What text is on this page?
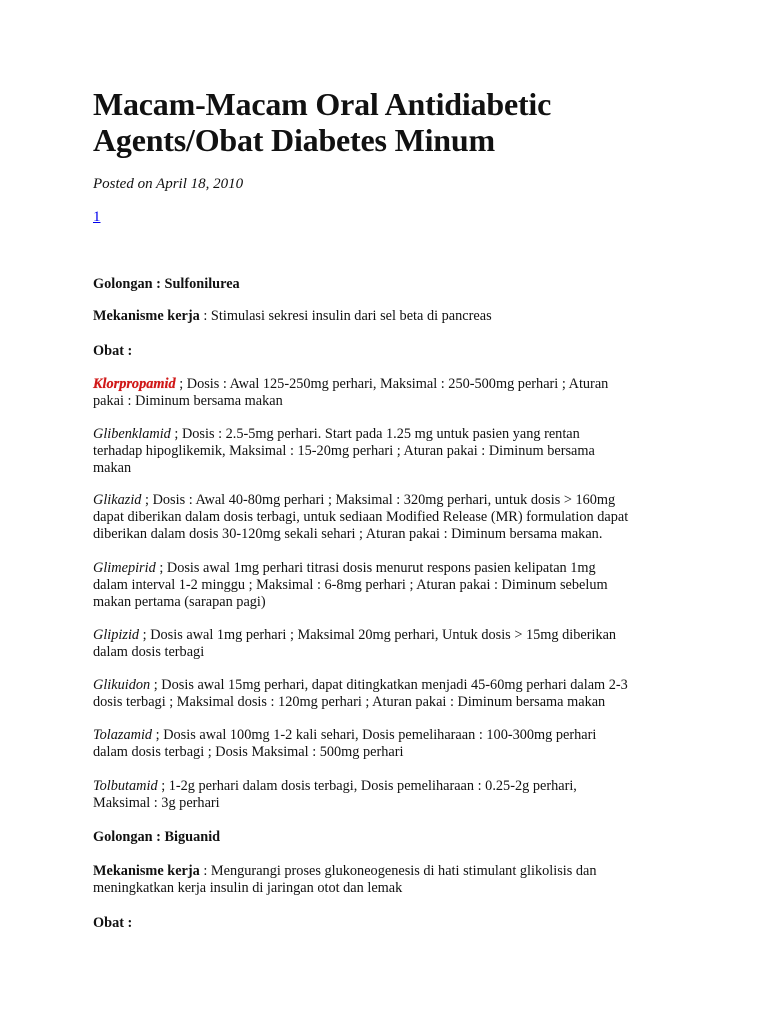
Macam-Macam Oral Antidiabetic
Agents/Obat Diabetes Minum

Posted on April 18, 2010

1

Golongan : Sulfonilurea

Mekanisme kerja : Stimulasi sekresi insulin dari sel beta di pancreas

Obat :

Klorpropamid ; Dosis : Awal 125-250mg perhari, Maksimal : 250-500mg perhari ; Aturan
pakai : Diminum bersama makan

Glibenklamid ; Dosis : 2.5-5mg perhari. Start pada 1.25 mg untuk pasien yang rentan
terhadap hipoglikemik, Maksimal : 15-20mg perhari ; Aturan pakai : Diminum bersama
makan

Glikazid ; Dosis : Awal 40-80mg perhari ; Maksimal : 320mg perhari, untuk dosis > 160mg
dapat diberikan dalam dosis terbagi, untuk sediaan Modified Release (MR) formulation dapat
diberikan dalam dosis 30-120mg sekali sehari ; Aturan pakai : Diminum bersama makan.

Glimepirid ; Dosis awal 1mg perhari titrasi dosis menurut respons pasien kelipatan 1mg
dalam interval 1-2 minggu ; Maksimal : 6-8mg perhari ; Aturan pakai : Diminum sebelum
makan pertama (sarapan pagi)

Glipizid ; Dosis awal 1mg perhari ; Maksimal 20mg perhari, Untuk dosis > 15mg diberikan
dalam dosis terbagi

Glikuidon ; Dosis awal 15mg perhari, dapat ditingkatkan menjadi 45-60mg perhari dalam 2-3
dosis terbagi ; Maksimal dosis : 120mg perhari ; Aturan pakai : Diminum bersama makan

Tolazamid ; Dosis awal 100mg 1-2 kali sehari, Dosis pemeliharaan : 100-300mg perhari
dalam dosis terbagi ; Dosis Maksimal : 500mg perhari

Tolbutamid ; 1-2g perhari dalam dosis terbagi, Dosis pemeliharaan : 0.25-2g perhari,
Maksimal : 3g perhari

Golongan : Biguanid

Mekanisme kerja : Mengurangi proses glukoneogenesis di hati stimulant glikolisis dan
meningkatkan kerja insulin di jaringan otot dan lemak

Obat :
